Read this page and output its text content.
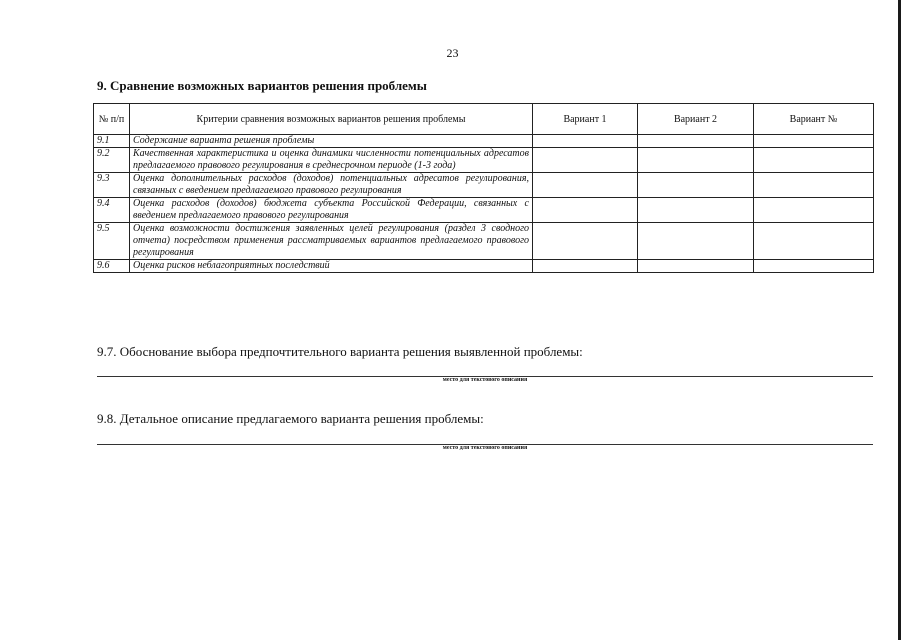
23
9. Сравнение возможных вариантов решения проблемы
№ п/п	Критерии сравнения возможных вариантов решения проблемы	Вариант 1	Вариант 2	Вариант №
9.1	Содержание варианта решения проблемы			
9.2	Качественная характеристика и оценка динамики численности потенциальных адресатов предлагаемого правового регулирования в среднесрочном периоде (1-3 года)			
9.3	Оценка дополнительных расходов (доходов) потенциальных адресатов регулирования, связанных с введением предлагаемого правового регулирования			
9.4	Оценка расходов (доходов) бюджета субъекта Российской Федерации, связанных с введением предлагаемого правового регулирования			
9.5	Оценка возможности достижения заявленных целей регулирования (раздел 3 сводного отчета) посредством применения рассматриваемых вариантов предлагаемого правового регулирования			
9.6	Оценка рисков неблагоприятных последствий			
9.7. Обоснование выбора предпочтительного варианта решения выявленной проблемы:
место для текстового описания
9.8. Детальное описание предлагаемого варианта решения проблемы:
место для текстового описания
